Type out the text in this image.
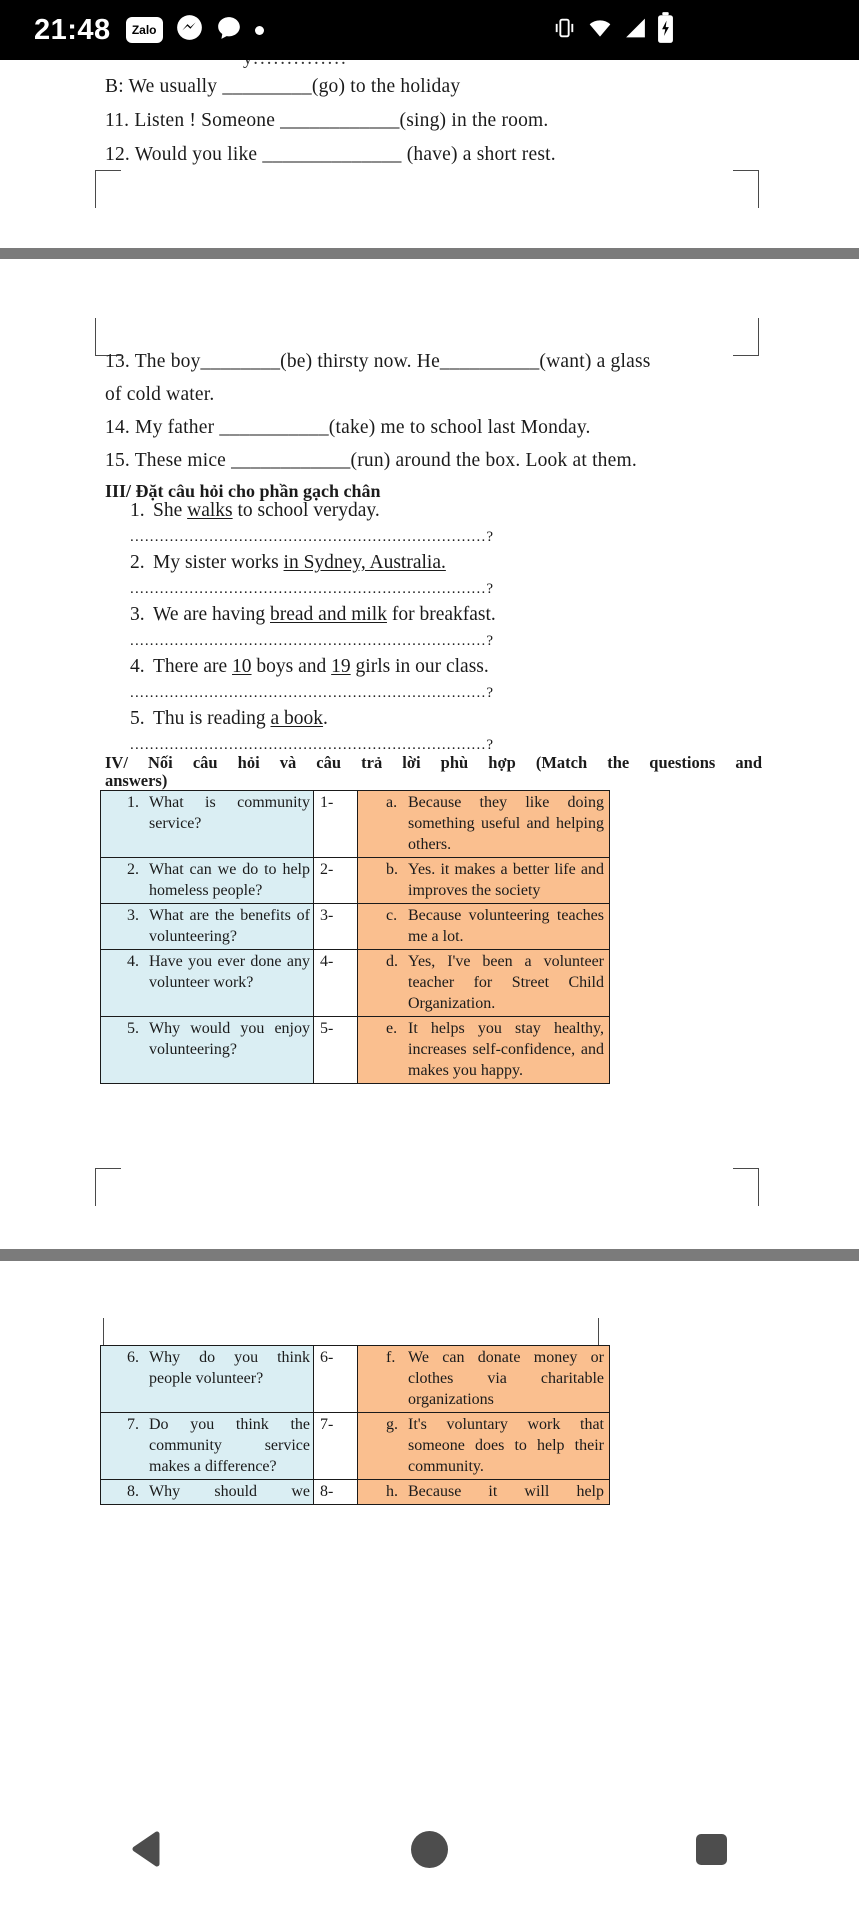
B: We usually _________(go) to the holiday
11. Listen ! Someone ____________(sing) in the room.
12. Would you like ______________ (have) a short rest.
13. The boy________(be) thirsty now. He__________(want) a glass
of cold water.
14. My father ___________(take) me to school last Monday.
15. These mice ____________(run) around the box. Look at them.
III/ Đặt câu hỏi cho phần gạch chân
1. She walks to school veryday.
........................................................................?
2. My sister works in Sydney, Australia.
........................................................................?
3. We are having bread and milk for breakfast.
........................................................................?
4. There are 10 boys and 19 girls in our class.
........................................................................?
5. Thu is reading a book.
........................................................................?
IV/ Nối câu hỏi và câu trả lời phù hợp (Match the questions and
answers)
1. What is community service?	1-	a. Because they like doing something useful and helping others.

2. What can we do to help homeless people?	2-	b. Yes. it makes a better life and improves the society

3. What are the benefits of volunteering?	3-	c. Because volunteering teaches me a lot.

4. Have you ever done any volunteer work?	4-	d. Yes, I've been a volunteer teacher for Street Child Organization.

5. Why would you enjoy volunteering?	5-	e. It helps you stay healthy, increases self-confidence, and makes you happy.
6. Why do you think people volunteer?	6-	f. We can donate money or clothes via charitable organizations

7. Do you think the community service makes a difference?	7-	g. It's voluntary work that someone does to help their community.

8. Why should we	8-	h. Because it will help
21:48 Zalo
